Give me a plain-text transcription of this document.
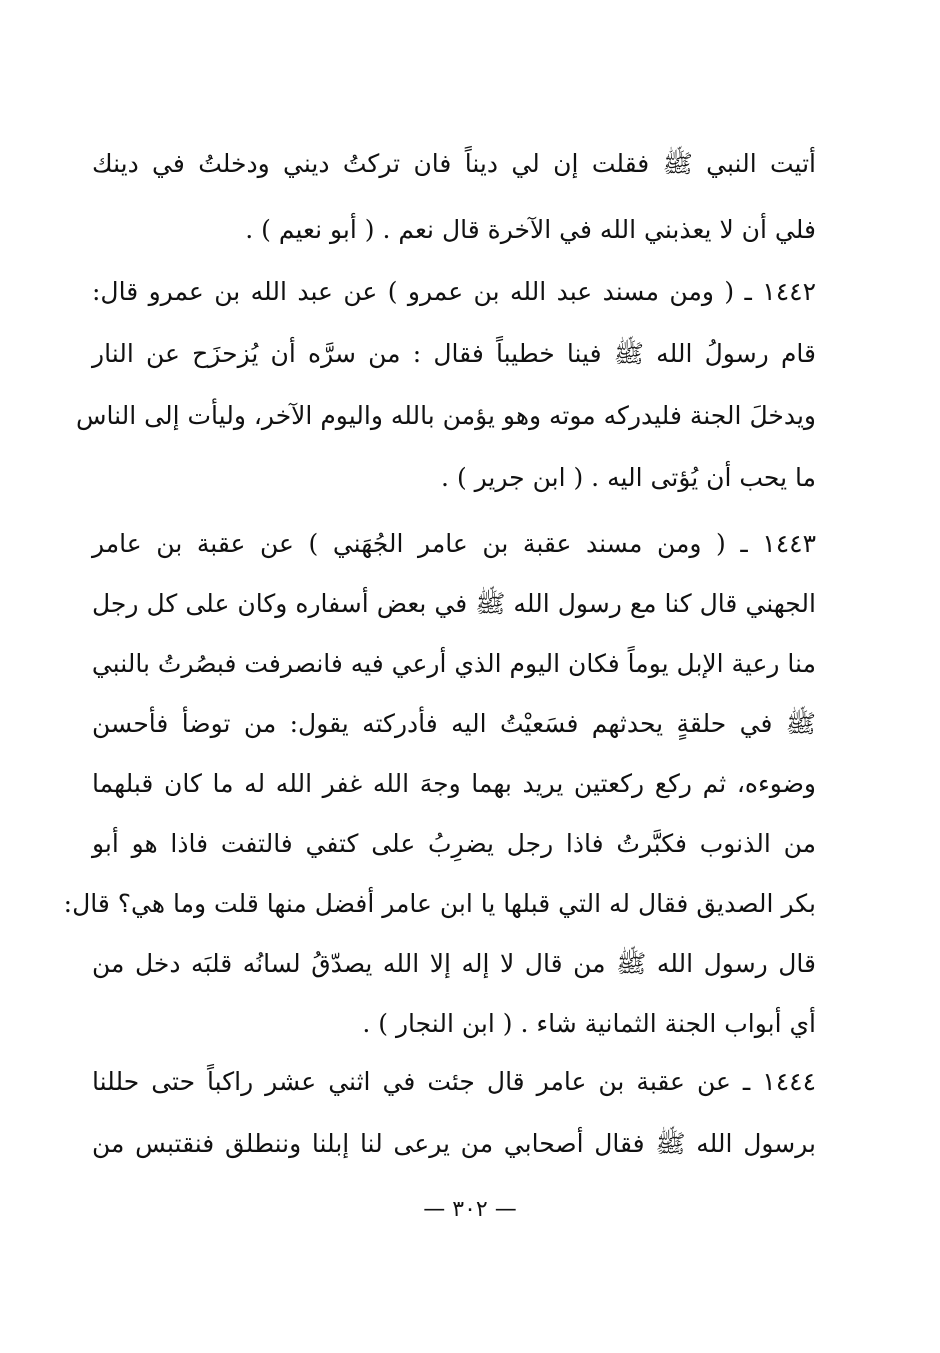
أتيت النبي ﷺ فقلت إن لي ديناً فان تركتُ ديني ودخلتُ في دينك
فلي أن لا يعذبني الله في الآخرة قال نعم . ( أبو نعيم ) .
١٤٤٢ ـ ( ومن مسند عبد الله بن عمرو ) عن عبد الله بن عمرو قال:
قام رسولُ الله ﷺ فينا خطيباً فقال : من سرَّه أن يُزحزَح عن النار
ويدخلَ الجنة فليدركه موته وهو يؤمن بالله واليوم الآخر، وليأت إلى الناس
ما يحب أن يُؤتى اليه . ( ابن جرير ) .
١٤٤٣ ـ ( ومن مسند عقبة بن عامر الجُهَني ) عن عقبة بن عامر
الجهني قال كنا مع رسول الله ﷺ في بعض أسفاره وكان على كل رجل
منا رعية الإبل يوماً فكان اليوم الذي أرعي فيه فانصرفت فبصُرتُ بالنبي
ﷺ في حلقةٍ يحدثهم فسَعيْتُ اليه فأدركته يقول: من توضأ فأحسن
وضوءه، ثم ركع ركعتين يريد بهما وجهَ الله غفر الله له ما كان قبلهما
من الذنوب فكبَّرتُ فاذا رجل يضرِبُ على كتفي فالتفت فاذا هو أبو
بكر الصديق فقال له التي قبلها يا ابن عامر أفضل منها قلت وما هي؟ قال:
قال رسول الله ﷺ من قال لا إله إلا الله يصدّقُ لسانُه قلبَه دخل من
أي أبواب الجنة الثمانية شاء . ( ابن النجار ) .
١٤٤٤ ـ عن عقبة بن عامر قال جئت في اثني عشر راكباً حتى حللنا
برسول الله ﷺ فقال أصحابي من يرعى لنا إبلنا وننطلق فنقتبس من
— ٣٠٢ —
